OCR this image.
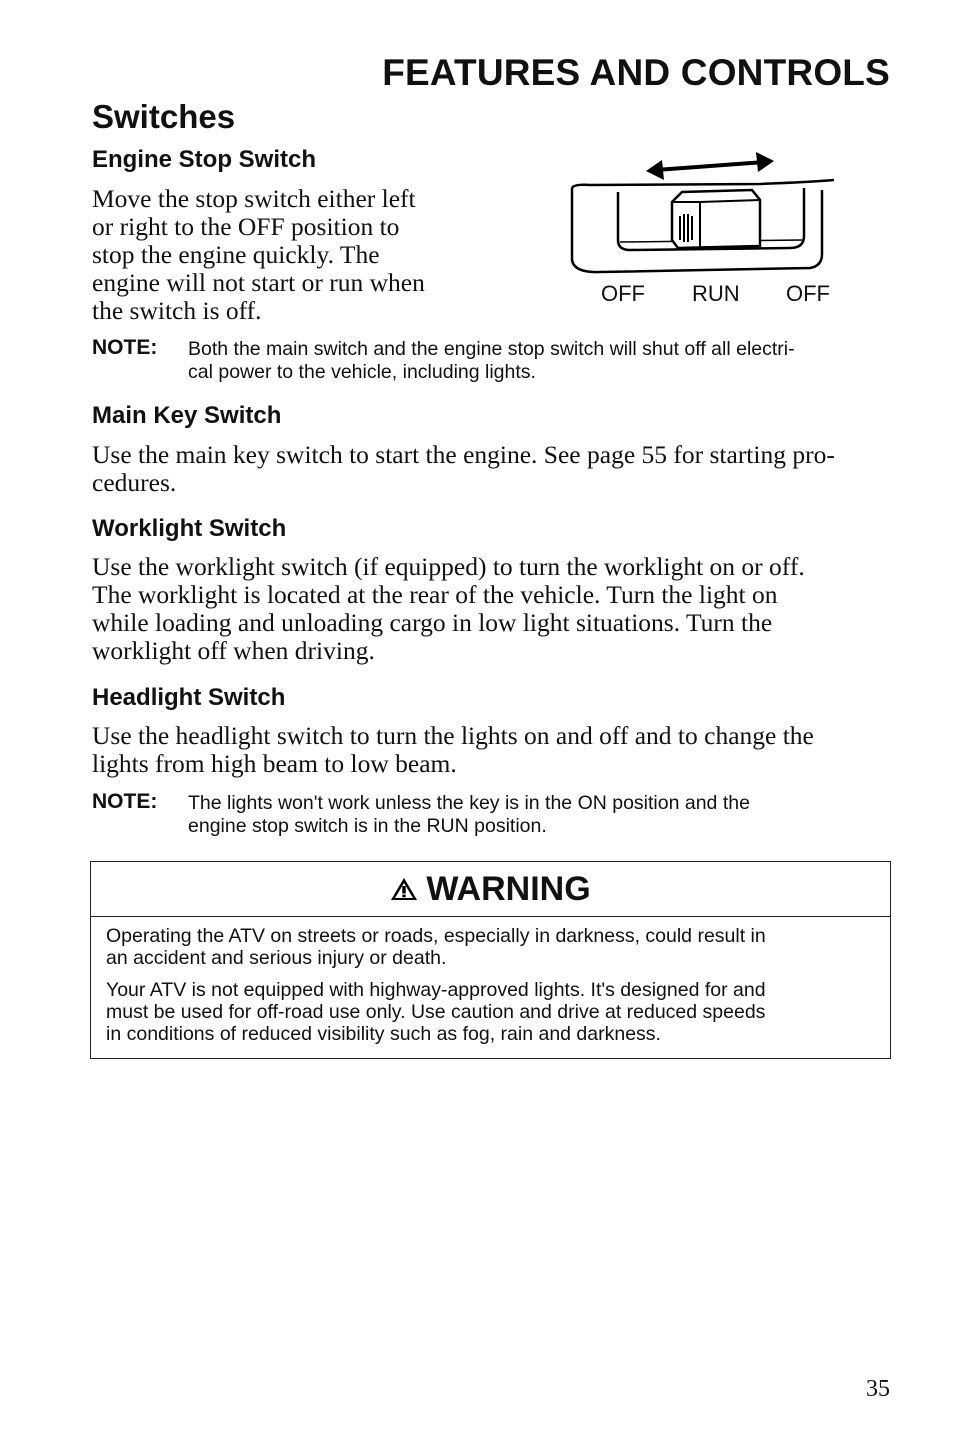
FEATURES AND CONTROLS
Switches
Engine Stop Switch
Move the stop switch either left
or right to the OFF position to
stop the engine quickly. The
engine will not start or run when
the switch is off.
OFF RUN OFF
NOTE: Both the main switch and the engine stop switch will shut off all electri-
cal power to the vehicle, including lights.
Main Key Switch
Use the main key switch to start the engine. See page 55 for starting pro-
cedures.
Worklight Switch
Use the worklight switch (if equipped) to turn the worklight on or off.
The worklight is located at the rear of the vehicle. Turn the light on
while loading and unloading cargo in low light situations. Turn the
worklight off when driving.
Headlight Switch
Use the headlight switch to turn the lights on and off and to change the
lights from high beam to low beam.
NOTE: The lights won't work unless the key is in the ON position and the
engine stop switch is in the RUN position.
WARNING
Operating the ATV on streets or roads, especially in darkness, could result in
an accident and serious injury or death.
Your ATV is not equipped with highway-approved lights. It's designed for and
must be used for off-road use only. Use caution and drive at reduced speeds
in conditions of reduced visibility such as fog, rain and darkness.
35
